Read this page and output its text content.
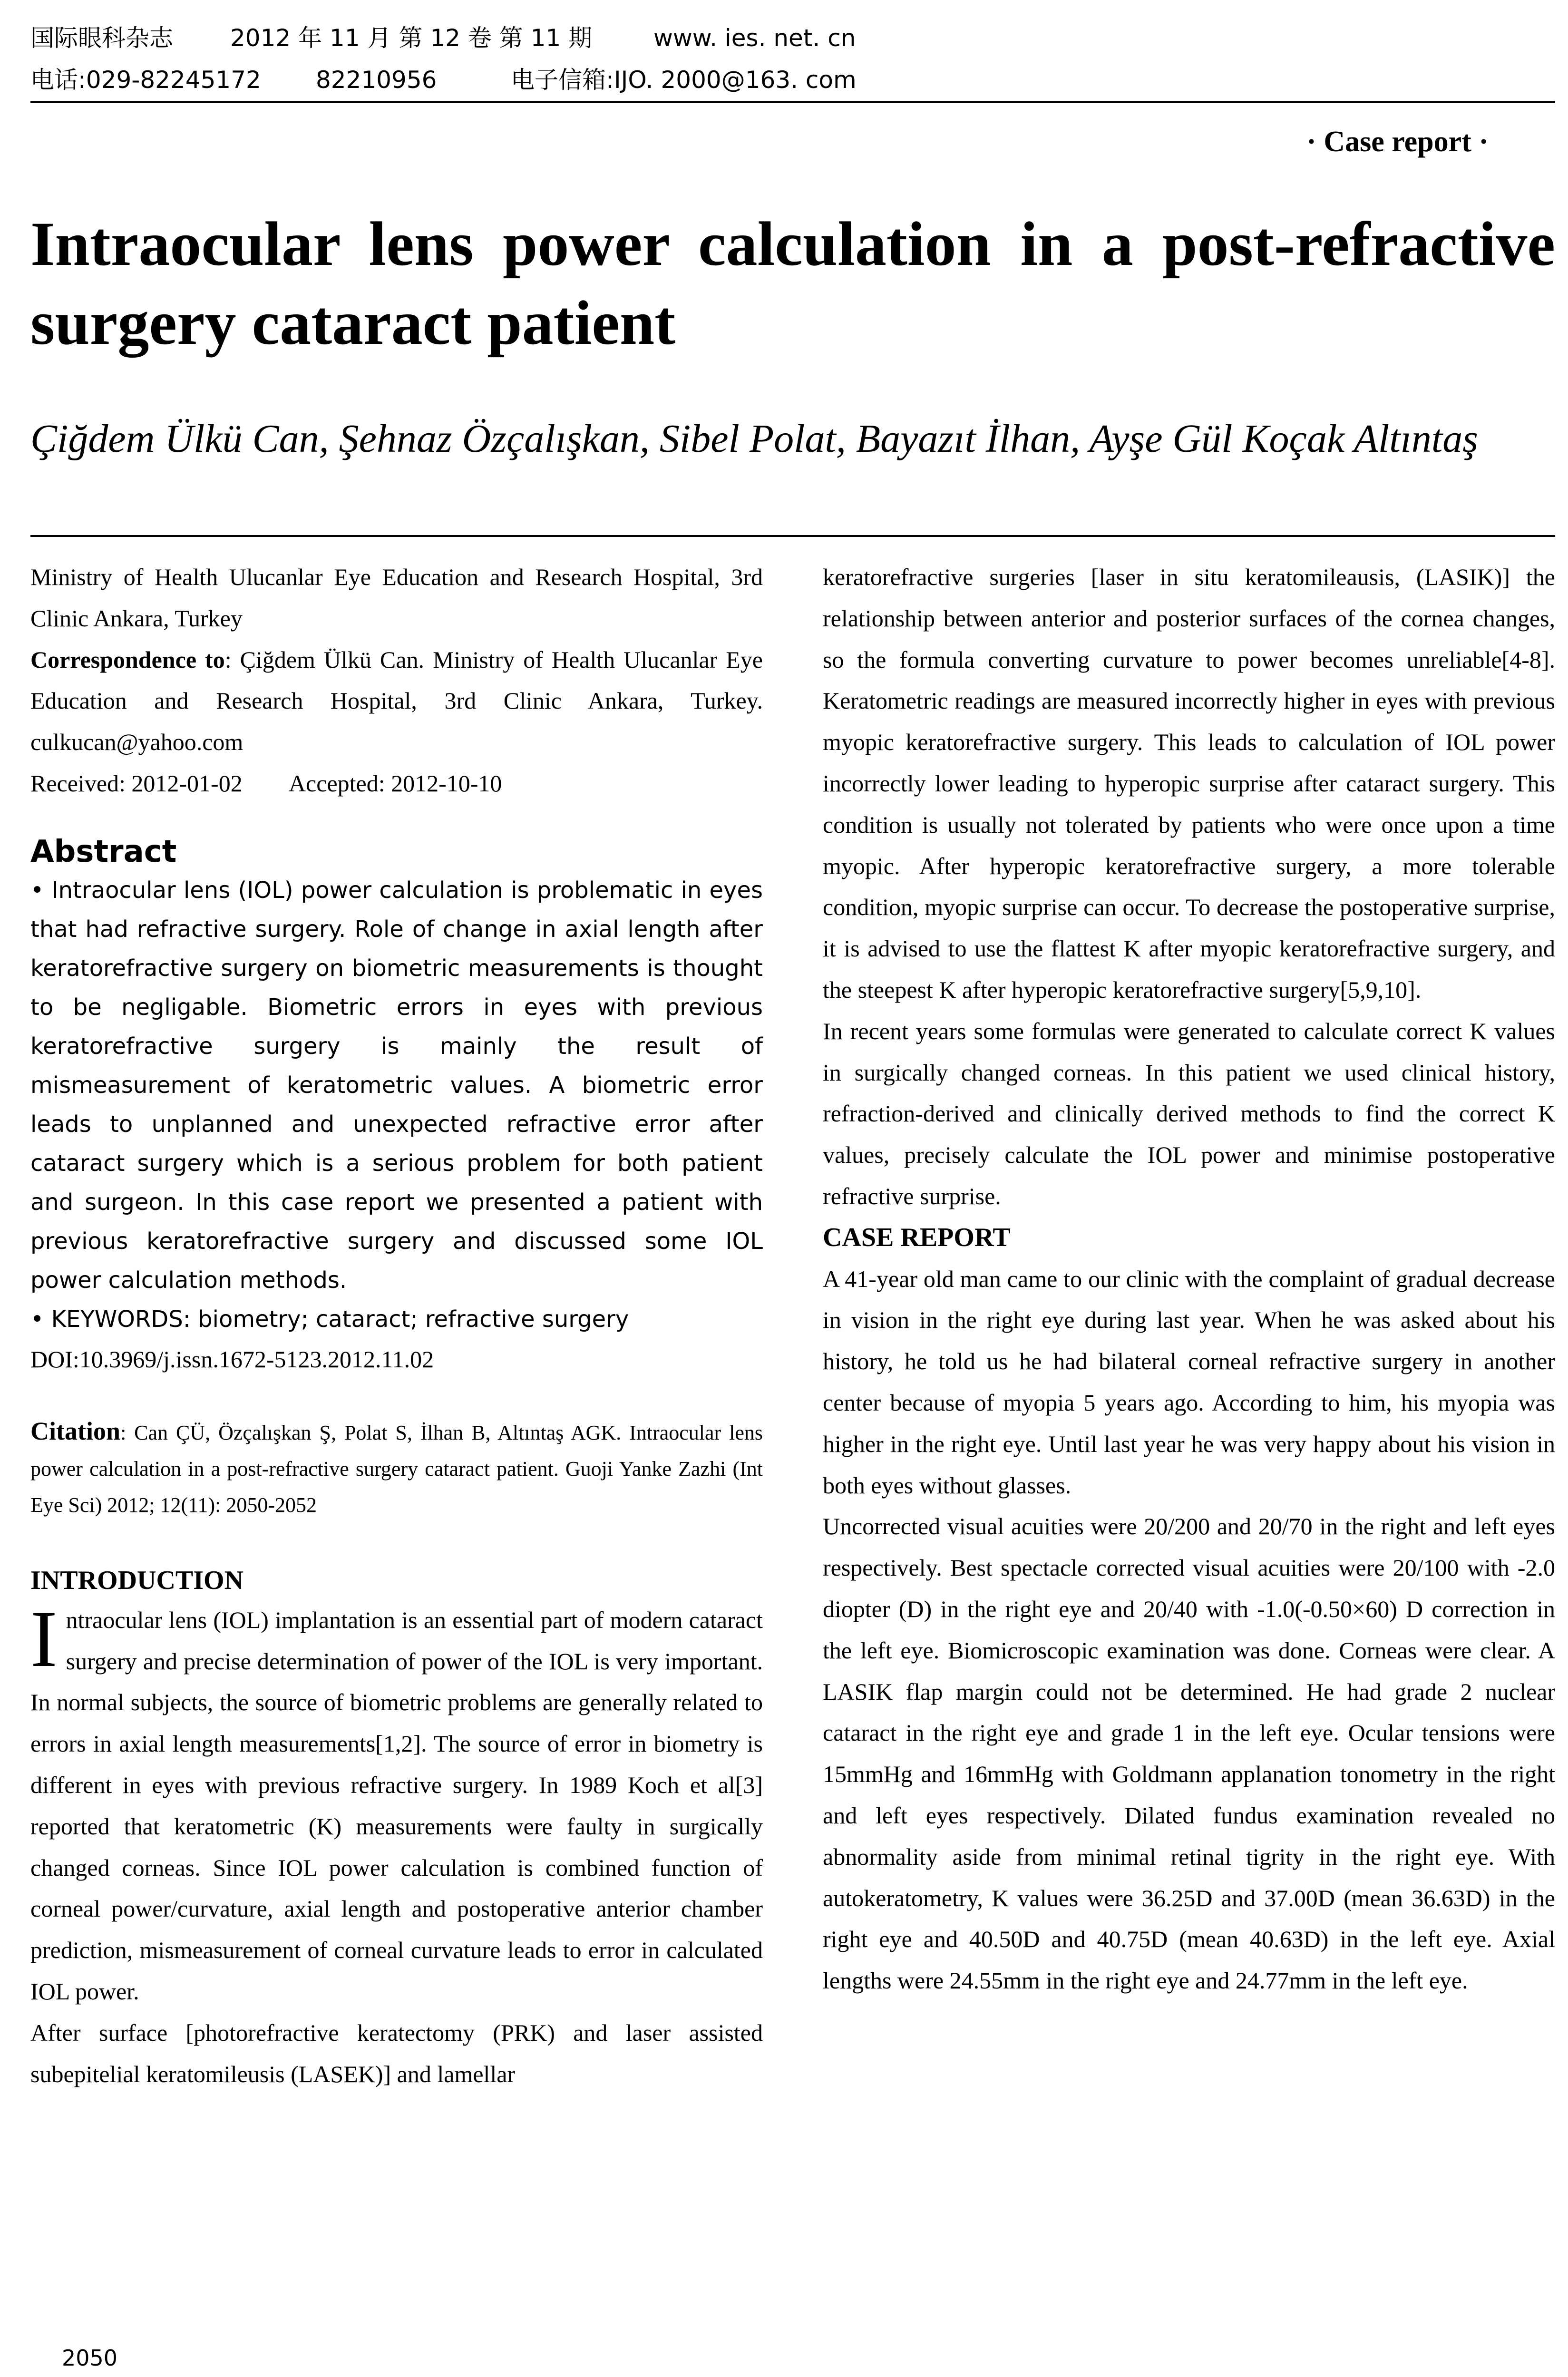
国际眼科杂志 2012 年 11 月 第 12 卷 第 11 期	www. ies. net. cn
电话:029-82245172 82210956	电子信箱:IJO. 2000@163. com
· Case report ·
Intraocular lens power calculation in a post-refractive surgery cataract patient
Çiğdem Ülkü Can, Şehnaz Özçalışkan, Sibel Polat, Bayazıt İlhan, Ayşe Gül Koçak Altıntaş

Ministry of Health Ulucanlar Eye Education and Research Hospital, 3rd Clinic Ankara, Turkey

Correspondence to: Çiğdem Ülkü Can. Ministry of Health Ulucanlar Eye Education and Research Hospital, 3rd Clinic Ankara, Turkey. culkucan@yahoo.com

Received: 2012-01-02        Accepted: 2012-10-10

Abstract

• Intraocular lens (IOL) power calculation is problematic in eyes that had refractive surgery. Role of change in axial length after keratorefractive surgery on biometric measurements is thought to be negligable. Biometric errors in eyes with previous keratorefractive surgery is mainly the result of mismeasurement of keratometric values. A biometric error leads to unplanned and unexpected refractive error after cataract surgery which is a serious problem for both patient and surgeon. In this case report we presented a patient with previous keratorefractive surgery and discussed some IOL power calculation methods.

• KEYWORDS: biometry; cataract; refractive surgery

DOI:10.3969/j.issn.1672-5123.2012.11.02

Citation: Can ÇÜ, Özçalışkan Ş, Polat S, İlhan B, Altıntaş AGK. Intraocular lens power calculation in a post-refractive surgery cataract patient. Guoji Yanke Zazhi (Int Eye Sci) 2012; 12(11): 2050-2052

INTRODUCTION

Intraocular lens (IOL) implantation is an essential part of modern cataract surgery and precise determination of power of the IOL is very important. In normal subjects, the source of biometric problems are generally related to errors in axial length measurements[1,2]. The source of error in biometry is different in eyes with previous refractive surgery. In 1989 Koch et al[3] reported that keratometric (K) measurements were faulty in surgically changed corneas. Since IOL power calculation is combined function of corneal power/curvature, axial length and postoperative anterior chamber prediction, mismeasurement of corneal curvature leads to error in calculated IOL power.

After surface [photorefractive keratectomy (PRK) and laser assisted subepitelial keratomileusis (LASEK)] and lamellar

keratorefractive surgeries [laser in situ keratomileausis, (LASIK)] the relationship between anterior and posterior surfaces of the cornea changes, so the formula converting curvature to power becomes unreliable[4-8]. Keratometric readings are measured incorrectly higher in eyes with previous myopic keratorefractive surgery. This leads to calculation of IOL power incorrectly lower leading to hyperopic surprise after cataract surgery. This condition is usually not tolerated by patients who were once upon a time myopic. After hyperopic keratorefractive surgery, a more tolerable condition, myopic surprise can occur. To decrease the postoperative surprise, it is advised to use the flattest K after myopic keratorefractive surgery, and the steepest K after hyperopic keratorefractive surgery[5,9,10].

In recent years some formulas were generated to calculate correct K values in surgically changed corneas. In this patient we used clinical history, refraction-derived and clinically derived methods to find the correct K values, precisely calculate the IOL power and minimise postoperative refractive surprise.

CASE REPORT

A 41-year old man came to our clinic with the complaint of gradual decrease in vision in the right eye during last year. When he was asked about his history, he told us he had bilateral corneal refractive surgery in another center because of myopia 5 years ago. According to him, his myopia was higher in the right eye. Until last year he was very happy about his vision in both eyes without glasses.

Uncorrected visual acuities were 20/200 and 20/70 in the right and left eyes respectively. Best spectacle corrected visual acuities were 20/100 with -2.0 diopter (D) in the right eye and 20/40 with -1.0(-0.50×60) D correction in the left eye. Biomicroscopic examination was done. Corneas were clear. A LASIK flap margin could not be determined. He had grade 2 nuclear cataract in the right eye and grade 1 in the left eye. Ocular tensions were 15mmHg and 16mmHg with Goldmann applanation tonometry in the right and left eyes respectively. Dilated fundus examination revealed no abnormality aside from minimal retinal tigrity in the right eye. With autokeratometry, K values were 36.25D and 37.00D (mean 36.63D) in the right eye and 40.50D and 40.75D (mean 40.63D) in the left eye. Axial lengths were 24.55mm in the right eye and 24.77mm in the left eye.

2050
